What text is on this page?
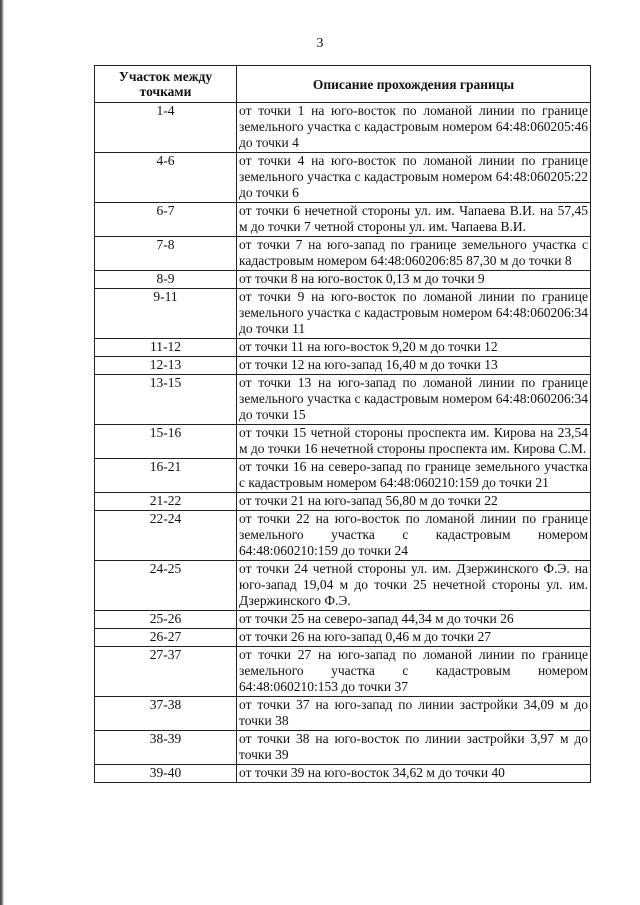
3
Участок между точками	Описание прохождения границы
1-4	от точки 1 на юго-восток по ломаной линии по границе земельного участка с кадастровым номером 64:48:060205:46 до точки 4
4-6	от точки 4 на юго-восток по ломаной линии по границе земельного участка с кадастровым номером 64:48:060205:22 до точки 6
6-7	от точки 6 нечетной стороны ул. им. Чапаева В.И. на 57,45 м до точки 7 четной стороны ул. им. Чапаева В.И.
7-8	от точки 7 на юго-запад по границе земельного участка с кадастровым номером 64:48:060206:85 87,30 м до точки 8
8-9	от точки 8 на юго-восток 0,13 м до точки 9
9-11	от точки 9 на юго-восток по ломаной линии по границе земельного участка с кадастровым номером 64:48:060206:34 до точки 11
11-12	от точки 11 на юго-восток 9,20 м до точки 12
12-13	от точки 12 на юго-запад 16,40 м до точки 13
13-15	от точки 13 на юго-запад по ломаной линии по границе земельного участка с кадастровым номером 64:48:060206:34 до точки 15
15-16	от точки 15 четной стороны проспекта им. Кирова на 23,54 м до точки 16 нечетной стороны проспекта им. Кирова С.М.
16-21	от точки 16 на северо-запад по границе земельного участка с кадастровым номером 64:48:060210:159 до точки 21
21-22	от точки 21 на юго-запад 56,80 м до точки 22
22-24	от точки 22 на юго-восток по ломаной линии по границе земельного участка с кадастровым номером 64:48:060210:159 до точки 24
24-25	от точки 24 четной стороны ул. им. Дзержинского Ф.Э. на юго-запад 19,04 м до точки 25 нечетной стороны ул. им. Дзержинского Ф.Э.
25-26	от точки 25 на северо-запад 44,34 м до точки 26
26-27	от точки 26 на юго-запад 0,46 м до точки 27
27-37	от точки 27 на юго-запад по ломаной линии по границе земельного участка с кадастровым номером 64:48:060210:153 до точки 37
37-38	от точки 37 на юго-запад по линии застройки 34,09 м до точки 38
38-39	от точки 38 на юго-восток по линии застройки 3,97 м до точки 39
39-40	от точки 39 на юго-восток 34,62 м до точки 40
